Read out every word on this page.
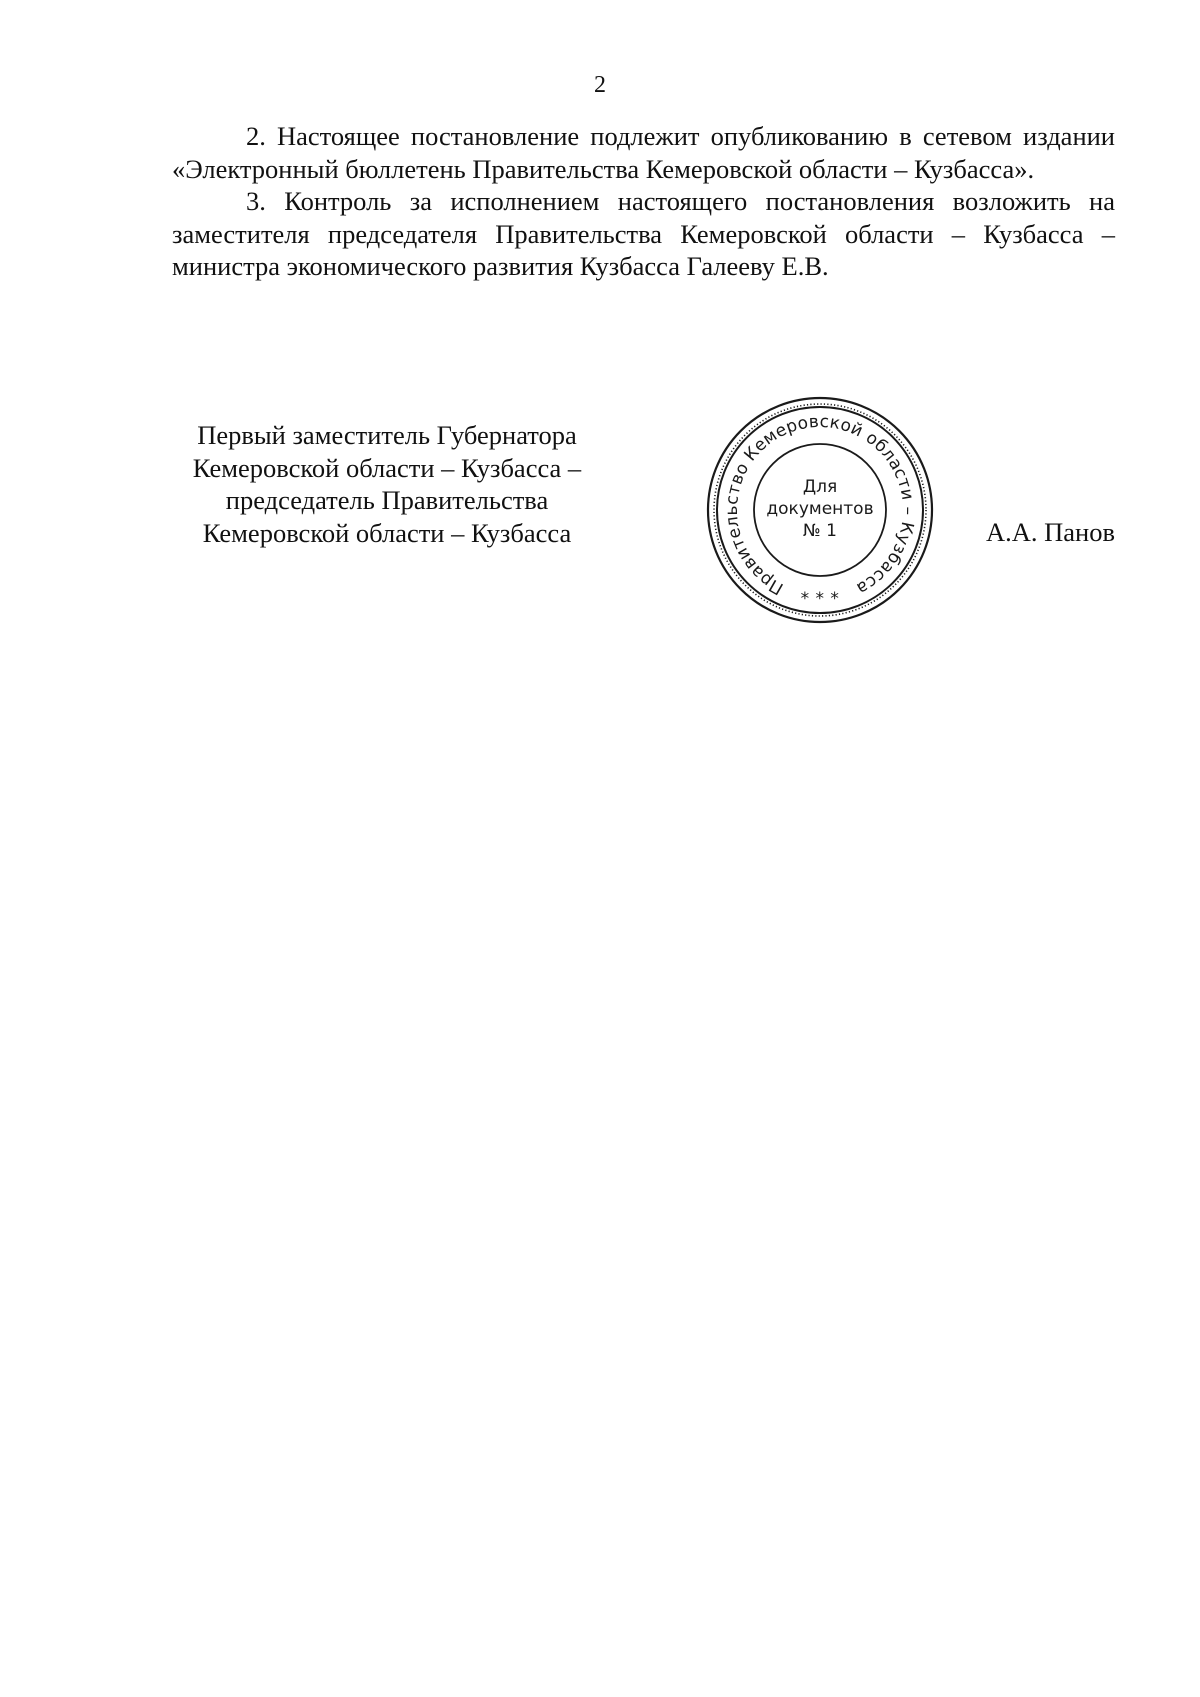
2

2. Настоящее постановление подлежит опубликованию в сетевом издании «Электронный бюллетень Правительства Кемеровской области – Кузбасса».

3. Контроль за исполнением настоящего постановления возложить на заместителя председателя Правительства Кемеровской области – Кузбасса – министра экономического развития Кузбасса Галееву Е.В.

Первый заместитель Губернатора
Кемеровской области – Кузбасса –
председатель Правительства
Кемеровской области – Кузбасса
Правительство Кемеровской области – Кузбасса
* * *
Для
документов
№ 1	А.А. Панов
